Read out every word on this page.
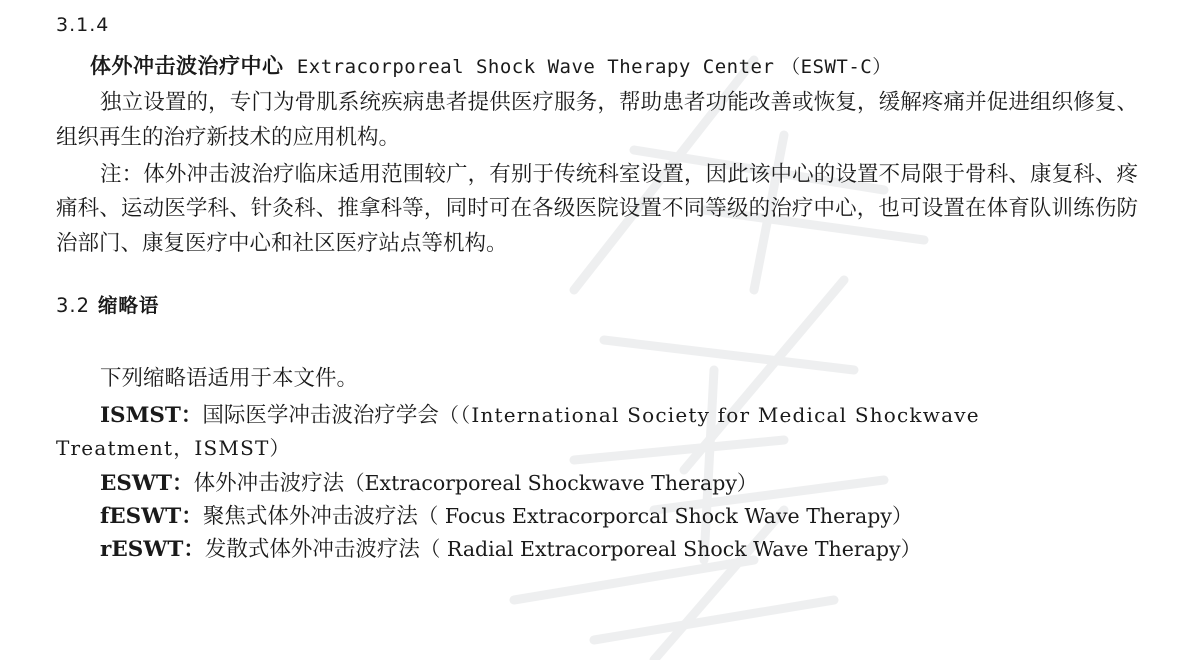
3.1.4
体外冲击波治疗中心 Extracorporeal Shock Wave Therapy Center （ESWT-C）

独立设置的，专门为骨肌系统疾病患者提供医疗服务，帮助患者功能改善或恢复，缓解疼痛并促进组织修复、组织再生的治疗新技术的应用机构。

注：体外冲击波治疗临床适用范围较广，有别于传统科室设置，因此该中心的设置不局限于骨科、康复科、疼痛科、运动医学科、针灸科、推拿科等，同时可在各级医院设置不同等级的治疗中心，也可设置在体育队训练伤防治部门、康复医疗中心和社区医疗站点等机构。

3.2 缩略语

下列缩略语适用于本文件。

ISMST：国际医学冲击波治疗学会（（International Society for Medical Shockwave

Treatment，ISMST）

ESWT：体外冲击波疗法（Extracorporeal Shockwave Therapy）

fESWT：聚焦式体外冲击波疗法（ Focus Extracorporcal Shock Wave Therapy）

rESWT：发散式体外冲击波疗法（ Radial Extracorporeal Shock Wave Therapy）
